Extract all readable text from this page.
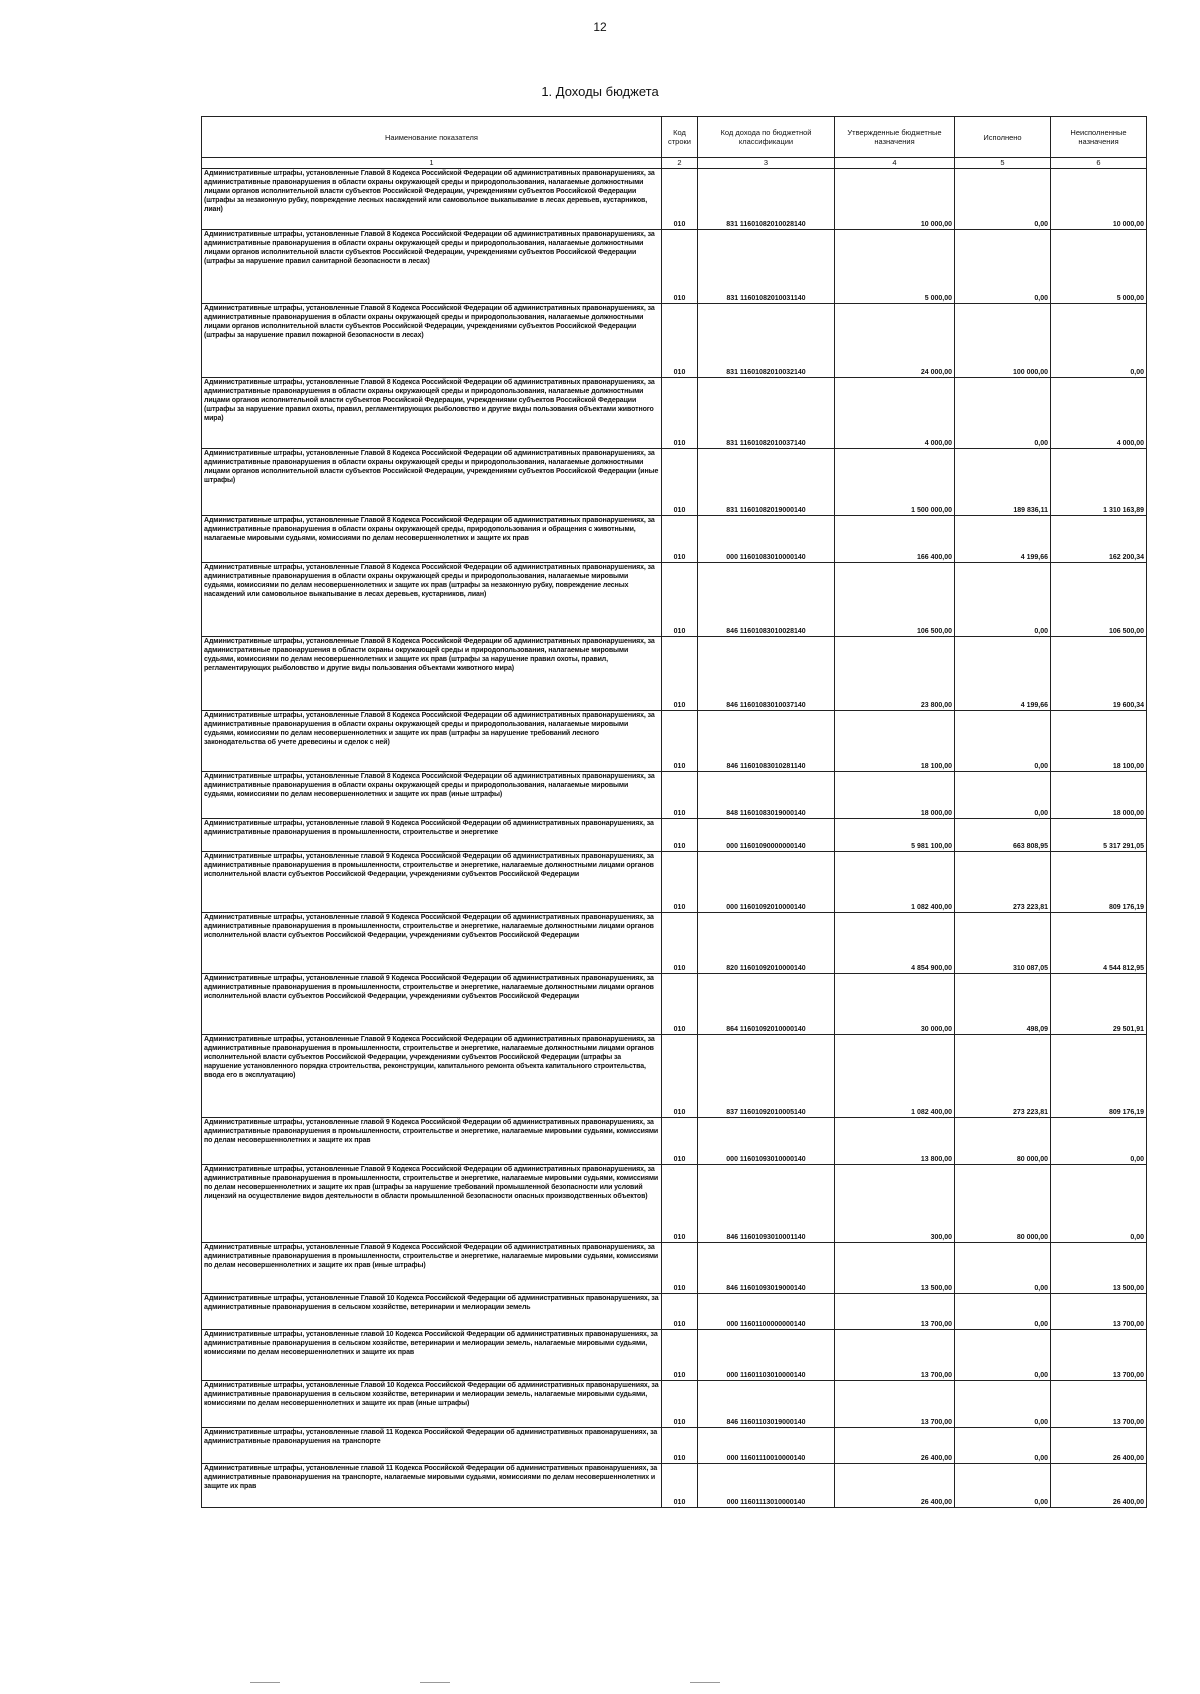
12
1. Доходы бюджета
Наименование показателя	Код строки	Код дохода по бюджетной классификации	Утвержденные бюджетные назначения	Исполнено	Неисполненные назначения
1	2	3	4	5	6
Административные штрафы, установленные Главой 8 Кодекса Российской Федерации об административных правонарушениях, за административные правонарушения в области охраны окружающей среды и природопользования, налагаемые должностными лицами органов исполнительной власти субъектов Российской Федерации, учреждениями субъектов Российской Федерации (штрафы за незаконную рубку, повреждение лесных насаждений или самовольное выкапывание в лесах деревьев, кустарников, лиан)	010	831 11601082010028140	10 000,00	0,00	10 000,00
Административные штрафы, установленные Главой 8 Кодекса Российской Федерации об административных правонарушениях, за административные правонарушения в области охраны окружающей среды и природопользования, налагаемые должностными лицами органов исполнительной власти субъектов Российской Федерации, учреждениями субъектов Российской Федерации (штрафы за нарушение правил санитарной безопасности в лесах)	010	831 11601082010031140	5 000,00	0,00	5 000,00
Административные штрафы, установленные Главой 8 Кодекса Российской Федерации об административных правонарушениях, за административные правонарушения в области охраны окружающей среды и природопользования, налагаемые должностными лицами органов исполнительной власти субъектов Российской Федерации, учреждениями субъектов Российской Федерации (штрафы за нарушение правил пожарной безопасности в лесах)	010	831 11601082010032140	24 000,00	100 000,00	0,00
Административные штрафы, установленные Главой 8 Кодекса Российской Федерации об административных правонарушениях, за административные правонарушения в области охраны окружающей среды и природопользования, налагаемые должностными лицами органов исполнительной власти субъектов Российской Федерации, учреждениями субъектов Российской Федерации (штрафы за нарушение правил охоты, правил, регламентирующих рыболовство и другие виды пользования объектами животного мира)	010	831 11601082010037140	4 000,00	0,00	4 000,00
Административные штрафы, установленные Главой 8 Кодекса Российской Федерации об административных правонарушениях, за административные правонарушения в области охраны окружающей среды и природопользования, налагаемые должностными лицами органов исполнительной власти субъектов Российской Федерации, учреждениями субъектов Российской Федерации (иные штрафы)	010	831 11601082019000140	1 500 000,00	189 836,11	1 310 163,89
Административные штрафы, установленные Главой 8 Кодекса Российской Федерации об административных правонарушениях, за административные правонарушения в области охраны окружающей среды, природопользования и обращения с животными, налагаемые мировыми судьями, комиссиями по делам несовершеннолетних и защите их прав	010	000 11601083010000140	166 400,00	4 199,66	162 200,34
Административные штрафы, установленные Главой 8 Кодекса Российской Федерации об административных правонарушениях, за административные правонарушения в области охраны окружающей среды и природопользования, налагаемые мировыми судьями, комиссиями по делам несовершеннолетних и защите их прав (штрафы за незаконную рубку, повреждение лесных насаждений или самовольное выкапывание в лесах деревьев, кустарников, лиан)	010	846 11601083010028140	106 500,00	0,00	106 500,00
Административные штрафы, установленные Главой 8 Кодекса Российской Федерации об административных правонарушениях, за административные правонарушения в области охраны окружающей среды и природопользования, налагаемые мировыми судьями, комиссиями по делам несовершеннолетних и защите их прав (штрафы за нарушение правил охоты, правил, регламентирующих рыболовство и другие виды пользования объектами животного мира)	010	846 11601083010037140	23 800,00	4 199,66	19 600,34
Административные штрафы, установленные Главой 8 Кодекса Российской Федерации об административных правонарушениях, за административные правонарушения в области охраны окружающей среды и природопользования, налагаемые мировыми судьями, комиссиями по делам несовершеннолетних и защите их прав (штрафы за нарушение требований лесного законодательства об учете древесины и сделок с ней)	010	846 11601083010281140	18 100,00	0,00	18 100,00
Административные штрафы, установленные Главой 8 Кодекса Российской Федерации об административных правонарушениях, за административные правонарушения в области охраны окружающей среды и природопользования, налагаемые мировыми судьями, комиссиями по делам несовершеннолетних и защите их прав (иные штрафы)	010	848 11601083019000140	18 000,00	0,00	18 000,00
Административные штрафы, установленные главой 9 Кодекса Российской Федерации об административных правонарушениях, за административные правонарушения в промышленности, строительстве и энергетике	010	000 11601090000000140	5 981 100,00	663 808,95	5 317 291,05
Административные штрафы, установленные главой 9 Кодекса Российской Федерации об административных правонарушениях, за административные правонарушения в промышленности, строительстве и энергетике, налагаемые должностными лицами органов исполнительной власти субъектов Российской Федерации, учреждениями субъектов Российской Федерации	010	000 11601092010000140	1 082 400,00	273 223,81	809 176,19
Административные штрафы, установленные главой 9 Кодекса Российской Федерации об административных правонарушениях, за административные правонарушения в промышленности, строительстве и энергетике, налагаемые должностными лицами органов исполнительной власти субъектов Российской Федерации, учреждениями субъектов Российской Федерации	010	820 11601092010000140	4 854 900,00	310 087,05	4 544 812,95
Административные штрафы, установленные главой 9 Кодекса Российской Федерации об административных правонарушениях, за административные правонарушения в промышленности, строительстве и энергетике, налагаемые должностными лицами органов исполнительной власти субъектов Российской Федерации, учреждениями субъектов Российской Федерации	010	864 11601092010000140	30 000,00	498,09	29 501,91
Административные штрафы, установленные Главой 9 Кодекса Российской Федерации об административных правонарушениях, за административные правонарушения в промышленности, строительстве и энергетике, налагаемые должностными лицами органов исполнительной власти субъектов Российской Федерации, учреждениями субъектов Российской Федерации (штрафы за нарушение установленного порядка строительства, реконструкции, капитального ремонта объекта капитального строительства, ввода его в эксплуатацию)	010	837 11601092010005140	1 082 400,00	273 223,81	809 176,19
Административные штрафы, установленные главой 9 Кодекса Российской Федерации об административных правонарушениях, за административные правонарушения в промышленности, строительстве и энергетике, налагаемые мировыми судьями, комиссиями по делам несовершеннолетних и защите их прав	010	000 11601093010000140	13 800,00	80 000,00	0,00
Административные штрафы, установленные Главой 9 Кодекса Российской Федерации об административных правонарушениях, за административные правонарушения в промышленности, строительстве и энергетике, налагаемые мировыми судьями, комиссиями по делам несовершеннолетних и защите их прав (штрафы за нарушение требований промышленной безопасности или условий лицензий на осуществление видов деятельности в области промышленной безопасности опасных производственных объектов)	010	846 11601093010001140	300,00	80 000,00	0,00
Административные штрафы, установленные Главой 9 Кодекса Российской Федерации об административных правонарушениях, за административные правонарушения в промышленности, строительстве и энергетике, налагаемые мировыми судьями, комиссиями по делам несовершеннолетних и защите их прав (иные штрафы)	010	846 11601093019000140	13 500,00	0,00	13 500,00
Административные штрафы, установленные Главой 10 Кодекса Российской Федерации об административных правонарушениях, за административные правонарушения в сельском хозяйстве, ветеринарии и мелиорации земель	010	000 11601100000000140	13 700,00	0,00	13 700,00
Административные штрафы, установленные главой 10 Кодекса Российской Федерации об административных правонарушениях, за административные правонарушения в сельском хозяйстве, ветеринарии и мелиорации земель, налагаемые мировыми судьями, комиссиями по делам несовершеннолетних и защите их прав	010	000 11601103010000140	13 700,00	0,00	13 700,00
Административные штрафы, установленные Главой 10 Кодекса Российской Федерации об административных правонарушениях, за административные правонарушения в сельском хозяйстве, ветеринарии и мелиорации земель, налагаемые мировыми судьями, комиссиями по делам несовершеннолетних и защите их прав (иные штрафы)	010	846 11601103019000140	13 700,00	0,00	13 700,00
Административные штрафы, установленные главой 11 Кодекса Российской Федерации об административных правонарушениях, за административные правонарушения на транспорте	010	000 11601110010000140	26 400,00	0,00	26 400,00
Административные штрафы, установленные главой 11 Кодекса Российской Федерации об административных правонарушениях, за административные правонарушения на транспорте, налагаемые мировыми судьями, комиссиями по делам несовершеннолетних и защите их прав	010	000 11601113010000140	26 400,00	0,00	26 400,00
